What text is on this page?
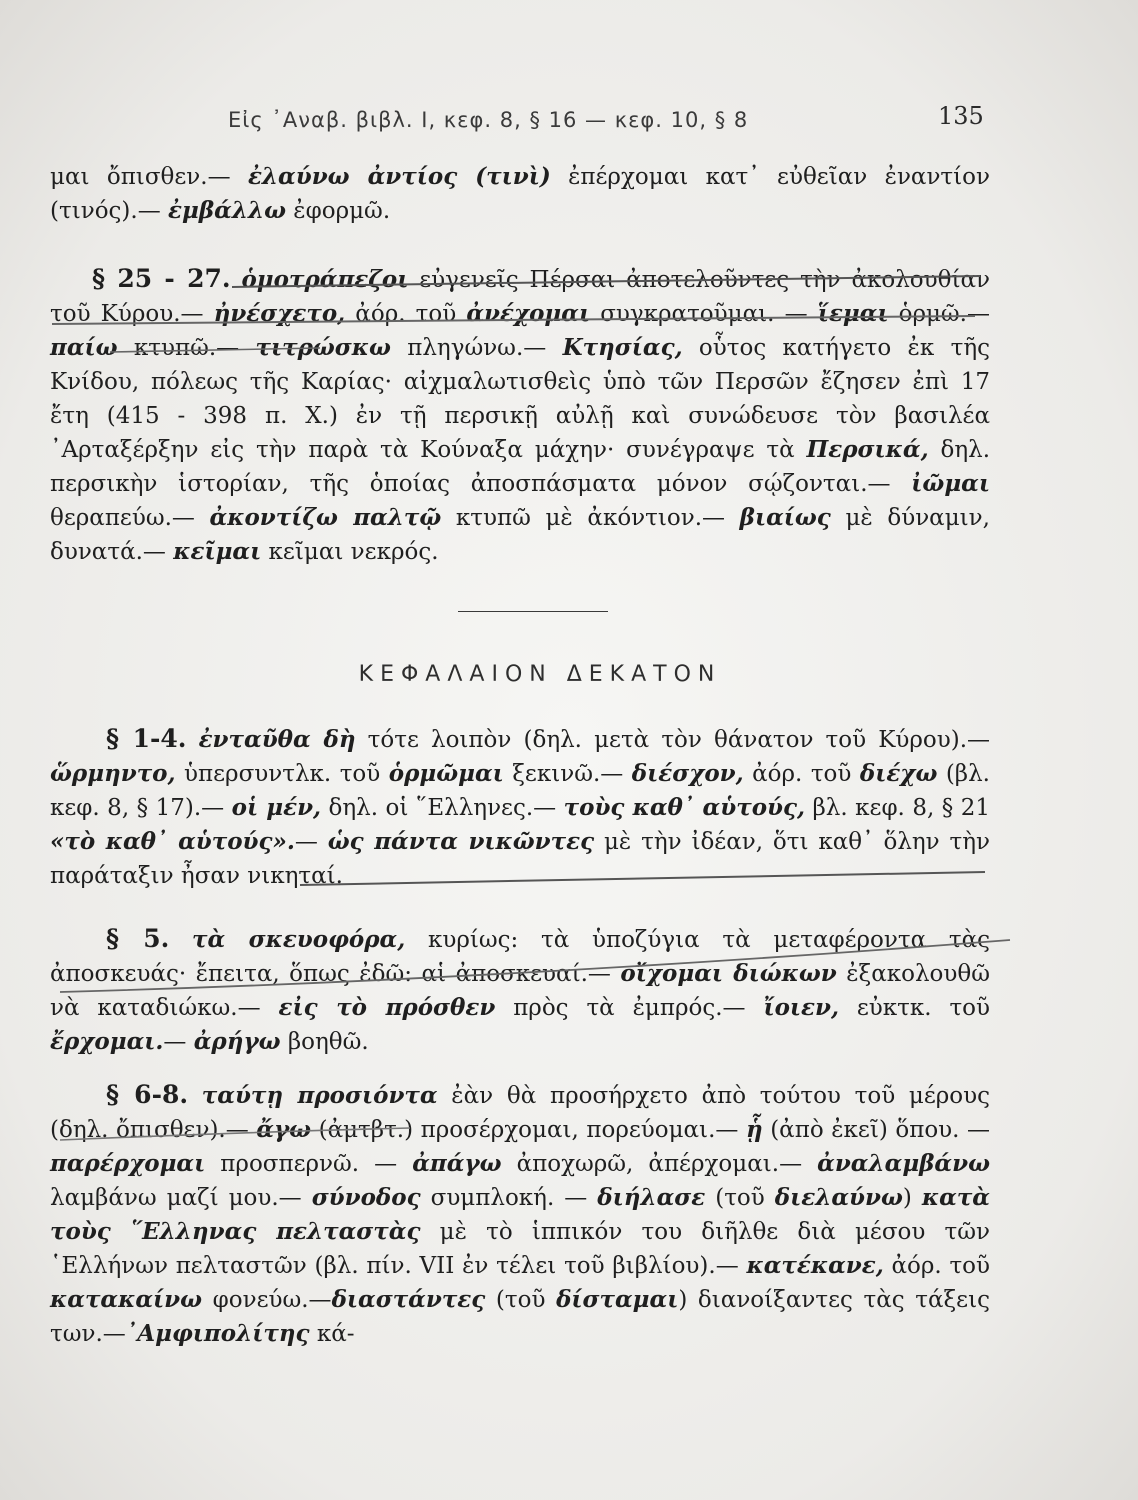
Εἰς ᾿Αναβ. βιβλ. Ι, κεφ. 8, § 16 — κεφ. 10, § 8	135

μαι ὄπισθεν.— ἐλαύνω ἀντίος (τινὶ) ἐπέρχομαι κατ᾿ εὐθεῖαν ἐναντίον (τινός).— ἐμβάλλω ἐφορμῶ.

§ 25 - 27. ὁμοτράπεζοι εὐγενεῖς Πέρσαι ἀποτελοῦντες τὴν ἀκολουθίαν τοῦ Κύρου.— ἠνέσχετο, ἀόρ. τοῦ ἀνέχομαι συγκρατοῦμαι. — ἵεμαι ὁρμῶ.— παίω κτυπῶ.— τιτρώσκω πληγώνω.— Κτησίας, οὗτος κατήγετο ἐκ τῆς Κνίδου, πόλεως τῆς Καρίας· αἰχμαλωτισθεὶς ὑπὸ τῶν Περσῶν ἔζησεν ἐπὶ 17 ἔτη (415 - 398 π. Χ.) ἐν τῇ περσικῇ αὐλῇ καὶ συνώδευσε τὸν βασιλέα ᾿Αρταξέρξην εἰς τὴν παρὰ τὰ Κούναξα μάχην· συνέγραψε τὰ Περσικά, δηλ. περσικὴν ἱστορίαν, τῆς ὁποίας ἀποσπάσματα μόνον σῴζονται.— ἰῶμαι θεραπεύω.— ἀκοντίζω παλτῷ κτυπῶ μὲ ἀκόντιον.— βιαίως μὲ δύναμιν, δυνατά.— κεῖμαι κεῖμαι νεκρός.

ΚΕΦΑΛΑΙΟΝ ΔΕΚΑΤΟΝ

§ 1-4. ἐνταῦθα δὴ τότε λοιπὸν (δηλ. μετὰ τὸν θάνατον τοῦ Κύρου).— ὥρμηντο, ὑπερσυντλκ. τοῦ ὁρμῶμαι ξεκινῶ.— διέσχον, ἀόρ. τοῦ διέχω (βλ. κεφ. 8, § 17).— οἱ μέν, δηλ. οἱ ῞Ελληνες.— τοὺς καθ᾿ αὑτούς, βλ. κεφ. 8, § 21 «τὸ καθ᾿ αὑτούς».— ὡς πάντα νικῶντες μὲ τὴν ἰδέαν, ὅτι καθ᾿ ὅλην τὴν παράταξιν ἦσαν νικηταί.

§ 5. τὰ σκευοφόρα, κυρίως: τὰ ὑποζύγια τὰ μεταφέροντα τὰς ἀποσκευάς· ἔπειτα, ὅπως ἐδῶ: αἱ ἀποσκευαί.— οἴχομαι διώκων ἐξακολουθῶ νὰ καταδιώκω.— εἰς τὸ πρόσθεν πρὸς τὰ ἐμπρός.— ἴοιεν, εὐκτκ. τοῦ ἔρχομαι.— ἀρήγω βοηθῶ.

§ 6-8. ταύτῃ προσιόντα ἐὰν θὰ προσήρχετο ἀπὸ τούτου τοῦ μέρους (δηλ. ὄπισθεν).— ἄγω (ἀμτβτ.) προσέρχομαι, πορεύομαι.— ᾗ (ἀπὸ ἐκεῖ) ὅπου. — παρέρχομαι προσπερνῶ. — ἀπάγω ἀποχωρῶ, ἀπέρχομαι.— ἀναλαμβάνω λαμβάνω μαζί μου.— σύνοδος συμπλοκή. — διήλασε (τοῦ διελαύνω) κατὰ τοὺς ῞Ελληνας πελταστὰς μὲ τὸ ἱππικόν του διῆλθε διὰ μέσου τῶν ῾Ελλήνων πελταστῶν (βλ. πίν. VII ἐν τέλει τοῦ βιβλίου).— κατέκανε, ἀόρ. τοῦ κατακαίνω φονεύω.—διαστάντες (τοῦ δίσταμαι) διανοίξαντες τὰς τάξεις των.—᾿Αμφιπολίτης κά-
